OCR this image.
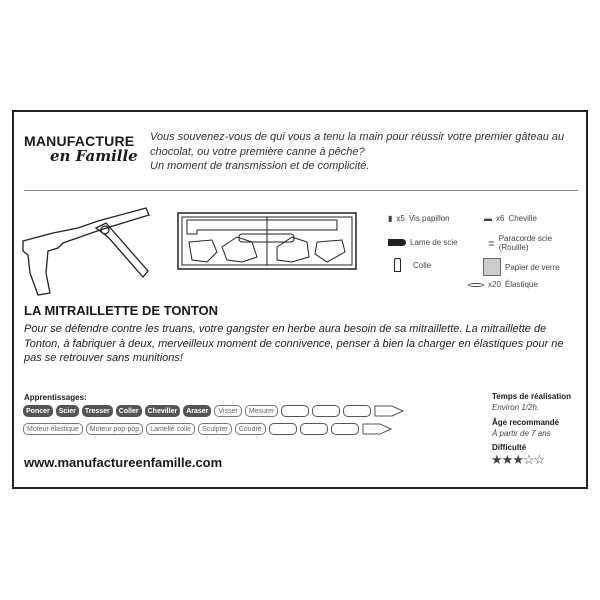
MANUFACTURE
en Famille
Vous souvenez-vous de qui vous a tenu la main pour réussir votre premier gâteau au
chocolat, ou votre première canne à pêche?
Un moment de transmission et de complicité.
▮ x5 Vis papillon	▬ x6 Cheville
Lame de scie	≣ Paracorde scie (Rouille)
Colle	Papier de verre
x20 Élastique
LA MITRAILLETTE DE TONTON
Pour se défendre contre les truans, votre gangster en herbe aura besoin de sa mitraillette. La mitraillette de Tonton, à fabriquer à deux, merveilleux moment de connivence, penser à bien la charger en élastiques pour ne pas se retrouver sans munitions!
Apprentissages:
Poncer	Scier	Tresser	Coller	Cheviller	Araser	Visser	Mesurer
Moteur élastique	Moteur pop-pop	Lamellé collé	Sculpter	Coudre
www.manufactureenfamille.com
Temps de réalisation
Environ 1/2h.
Âge recommandé
À partir de 7 ans
Difficulté
★★★☆☆
